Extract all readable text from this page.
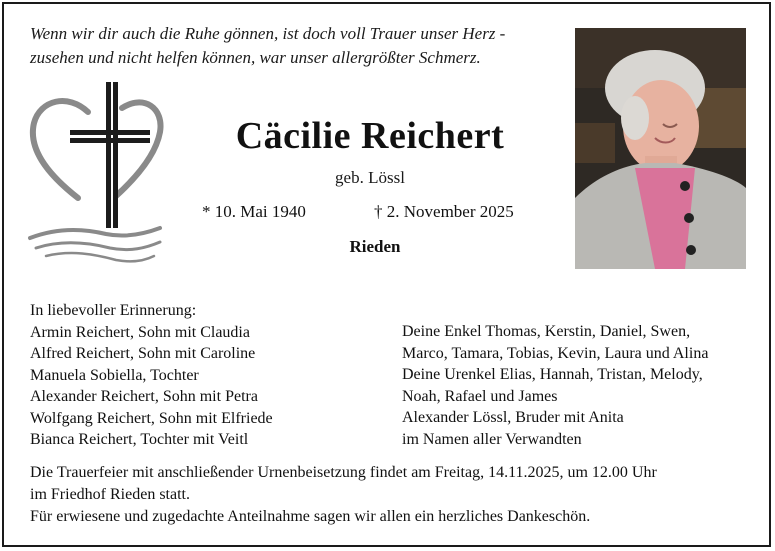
Wenn wir dir auch die Ruhe gönnen, ist doch voll Trauer unser Herz -
zusehen und nicht helfen können, war unser allergrößter Schmerz.
Cäcilie Reichert
geb. Lössl
* 10. Mai 1940	† 2. November 2025
Rieden
In liebevoller Erinnerung:
Armin Reichert, Sohn mit Claudia
Alfred Reichert, Sohn mit Caroline
Manuela Sobiella, Tochter
Alexander Reichert, Sohn mit Petra
Wolfgang Reichert, Sohn mit Elfriede
Bianca Reichert, Tochter mit Veitl
Deine Enkel Thomas, Kerstin, Daniel, Swen,
Marco, Tamara, Tobias, Kevin, Laura und Alina
Deine Urenkel Elias, Hannah, Tristan, Melody,
Noah, Rafael und James
Alexander Lössl, Bruder mit Anita
im Namen aller Verwandten
Die Trauerfeier mit anschließender Urnenbeisetzung findet am Freitag, 14.11.2025, um 12.00 Uhr
im Friedhof Rieden statt.
Für erwiesene und zugedachte Anteilnahme sagen wir allen ein herzliches Dankeschön.
